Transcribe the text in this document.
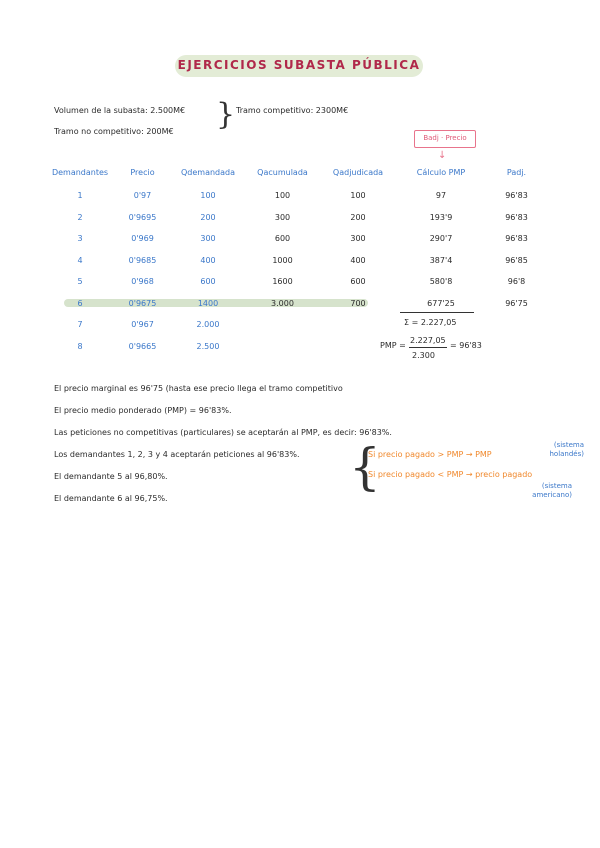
EJERCICIOS SUBASTA PÚBLICA
Volumen de la subasta: 2.500M€
Tramo no competitivo: 200M€ } Tramo competitivo: 2300M€
Badj · Precio
↓
Demandantes	Precio	Qdemandada	Qacumulada	Qadjudicada	Cálculo PMP	Padj.
1	0'97	100	100	100	97	96'83
2	0'9695	200	300	200	193'9	96'83
3	0'969	300	600	300	290'7	96'83
4	0'9685	400	1000	400	387'4	96'85
5	0'968	600	1600	600	580'8	96'8
6	0'9675	1400	3.000	700	677'25	96'75
7	0'967	2.000
8	0'9665	2.500
Σ = 2.227,05
PMP =
2.227,05
2.300
= 96'83
El precio marginal es 96'75 (hasta ese precio llega el tramo competitivo
El precio medio ponderado (PMP) = 96'83%.
Las peticiones no competitivas (particulares) se aceptarán al PMP, es decir: 96'83%.
Los demandantes 1, 2, 3 y 4 aceptarán peticiones al 96'83%.
El demandante 5 al 96,80%.
El demandante 6 al 96,75%.
{
Si precio pagado > PMP → PMP
(sistema holandés)
Si precio pagado < PMP → precio pagado
(sistema americano)
